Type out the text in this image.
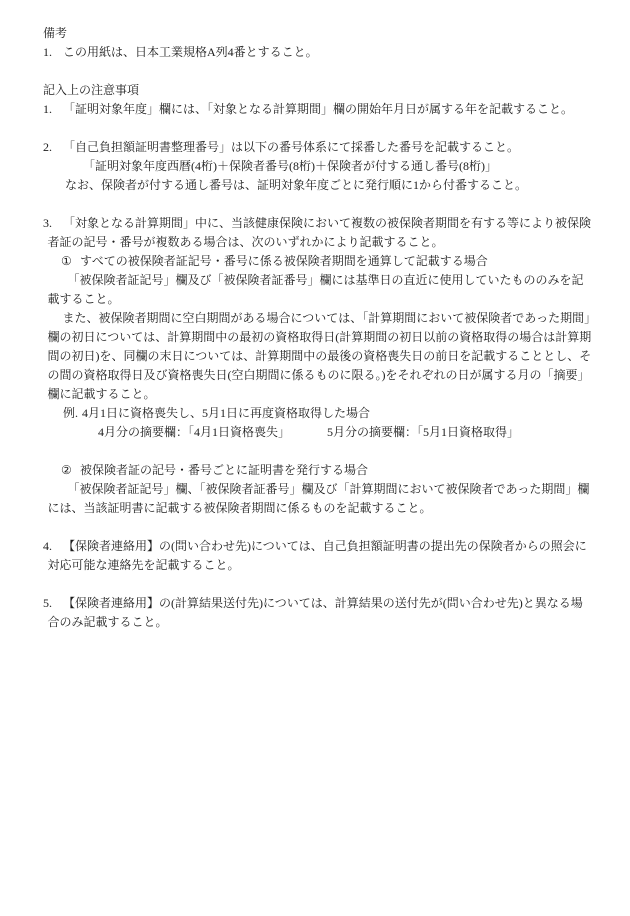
備考
1. この用紙は、日本工業規格A列4番とすること。
記入上の注意事項
1. 「証明対象年度」欄には、「対象となる計算期間」欄の開始年月日が属する年を記載すること。
2. 「自己負担額証明書整理番号」は以下の番号体系にて採番した番号を記載すること。
「証明対象年度西暦(4桁)＋保険者番号(8桁)＋保険者が付する通し番号(8桁)」
なお、保険者が付する通し番号は、証明対象年度ごとに発行順に1から付番すること。
3. 「対象となる計算期間」中に、当該健康保険において複数の被保険者期間を有する等により被保険者証の記号・番号が複数ある場合は、次のいずれかにより記載すること。
① すべての被保険者証記号・番号に係る被保険者期間を通算して記載する場合
「被保険者証記号」欄及び「被保険者証番号」欄には基準日の直近に使用していたもののみを記載すること。
また、被保険者期間に空白期間がある場合については、「計算期間において被保険者であった期間」欄の初日については、計算期間中の最初の資格取得日(計算期間の初日以前の資格取得の場合は計算期間の初日)を、同欄の末日については、計算期間中の最後の資格喪失日の前日を記載することとし、その間の資格取得日及び資格喪失日(空白期間に係るものに限る。)をそれぞれの日が属する月の「摘要」欄に記載すること。
例. 4月1日に資格喪失し、5月1日に再度資格取得した場合
4月分の摘要欄：「4月1日資格喪失」	5月分の摘要欄：「5月1日資格取得」
② 被保険者証の記号・番号ごとに証明書を発行する場合
「被保険者証記号」欄、「被保険者証番号」欄及び「計算期間において被保険者であった期間」欄には、当該証明書に記載する被保険者期間に係るものを記載すること。
4. 【保険者連絡用】の(問い合わせ先)については、自己負担額証明書の提出先の保険者からの照会に対応可能な連絡先を記載すること。
5. 【保険者連絡用】の(計算結果送付先)については、計算結果の送付先が(問い合わせ先)と異なる場合のみ記載すること。
